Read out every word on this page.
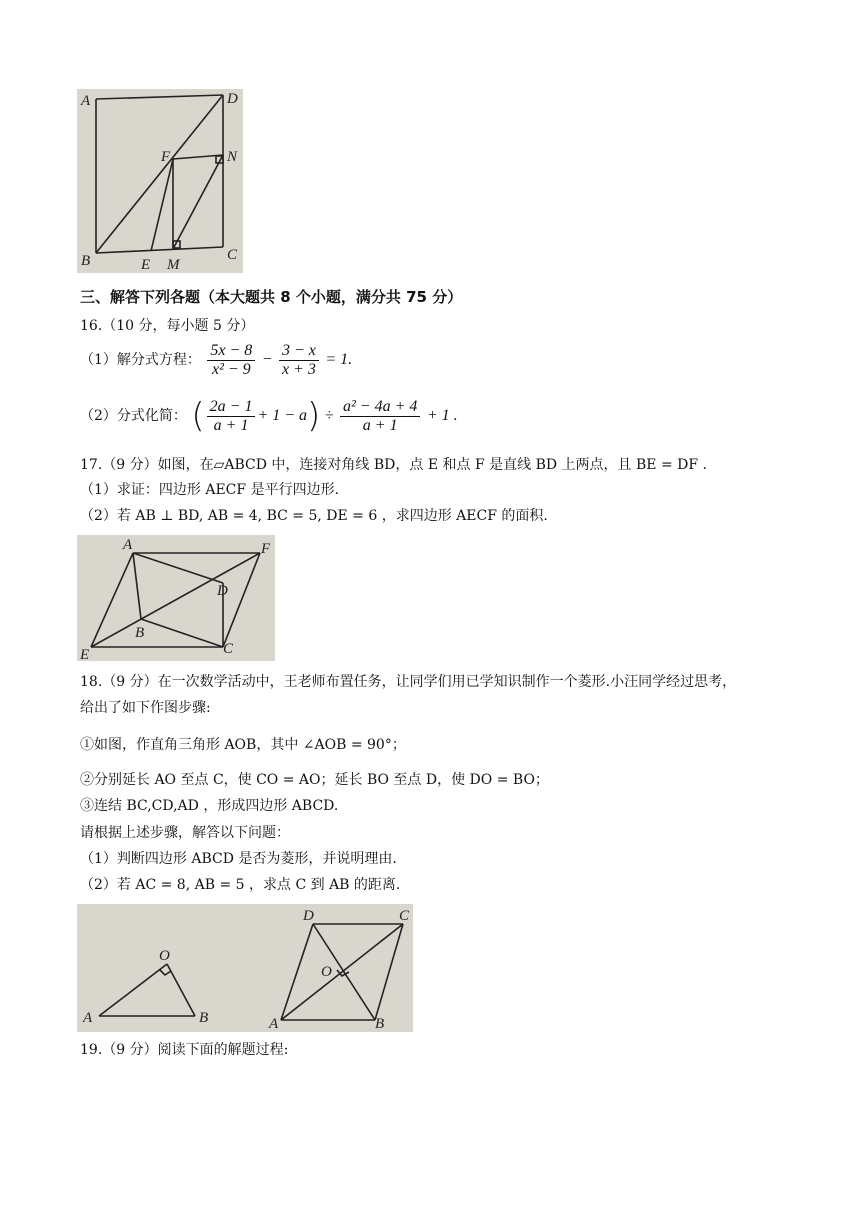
A	D
F	N
B	E M
C
三、解答下列各题（本大题共 8 个小题，满分共 75 分）
16.（10 分，每小题 5 分）
（1）解分式方程： $\frac{5x - 8}{\text{x² − 9}} - \frac{3 - x}{x + 3} = 1$.
（2）分式化简： ( $\frac{2a - 1}{a + 1} + 1 - a) \div \frac{\text{a² − 4a + 4}}{a + 1} + 1$ .
17.（9 分）如图，在▱ABCD 中，连接对角线 BD，点 E 和点 F 是直线 BD 上两点，且 BE = DF .
（1）求证：四边形 AECF 是平行四边形.
（2）若 AB ⊥ BD, AB = 4, BC = 5, DE = 6 ，求四边形 AECF 的面积.
A	F
D
B
E	C
18.（9 分）在一次数学活动中，王老师布置任务，让同学们用已学知识制作一个菱形.小汪同学经过思考，
给出了如下作图步骤:
①如图，作直角三角形 AOB，其中 ∠AOB = 90°；
②分别延长 AO 至点 C，使 CO = AO；延长 BO 至点 D，使 DO = BO；
③连结 BC,CD,AD ，形成四边形 ABCD.
请根据上述步骤，解答以下问题：
（1）判断四边形 ABCD 是否为菱形，并说明理由.
（2）若 AC = 8, AB = 5 ，求点 C 到 AB 的距离.
O
A	B
D	C
O
A	B
19.（9 分）阅读下面的解题过程:
